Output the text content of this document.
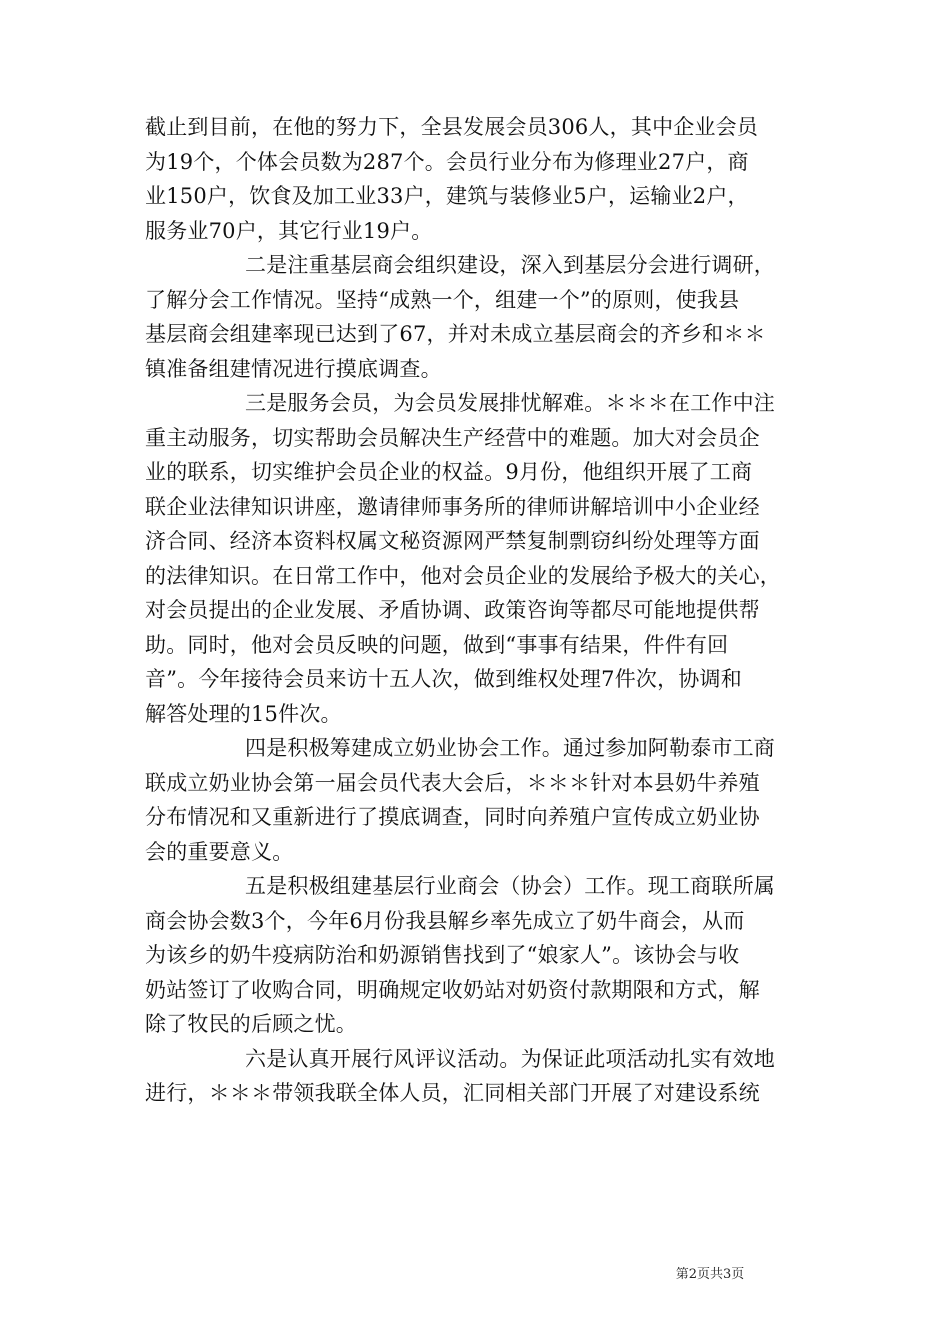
截止到目前，在他的努力下，全县发展会员306人，其中企业会员
为19个，个体会员数为287个。会员行业分布为修理业27户，商
业150户，饮食及加工业33户，建筑与装修业5户，运输业2户，
服务业70户，其它行业19户。
二是注重基层商会组织建设，深入到基层分会进行调研，
了解分会工作情况。坚持“成熟一个，组建一个”的原则，使我县
基层商会组建率现已达到了67，并对未成立基层商会的齐乡和＊＊
镇准备组建情况进行摸底调查。
三是服务会员，为会员发展排忧解难。＊＊＊在工作中注
重主动服务，切实帮助会员解决生产经营中的难题。加大对会员企
业的联系，切实维护会员企业的权益。9月份，他组织开展了工商
联企业法律知识讲座，邀请律师事务所的律师讲解培训中小企业经
济合同、经济本资料权属文秘资源网严禁复制剽窃纠纷处理等方面
的法律知识。在日常工作中，他对会员企业的发展给予极大的关心，
对会员提出的企业发展、矛盾协调、政策咨询等都尽可能地提供帮
助。同时，他对会员反映的问题，做到“事事有结果，件件有回
音”。今年接待会员来访十五人次，做到维权处理7件次，协调和
解答处理的15件次。
四是积极筹建成立奶业协会工作。通过参加阿勒泰市工商
联成立奶业协会第一届会员代表大会后，＊＊＊针对本县奶牛养殖
分布情况和又重新进行了摸底调查，同时向养殖户宣传成立奶业协
会的重要意义。
五是积极组建基层行业商会（协会）工作。现工商联所属
商会协会数3个，今年6月份我县解乡率先成立了奶牛商会，从而
为该乡的奶牛疫病防治和奶源销售找到了“娘家人”。该协会与收
奶站签订了收购合同，明确规定收奶站对奶资付款期限和方式，解
除了牧民的后顾之忧。
六是认真开展行风评议活动。为保证此项活动扎实有效地
进行，＊＊＊带领我联全体人员，汇同相关部门开展了对建设系统
第2页共3页
